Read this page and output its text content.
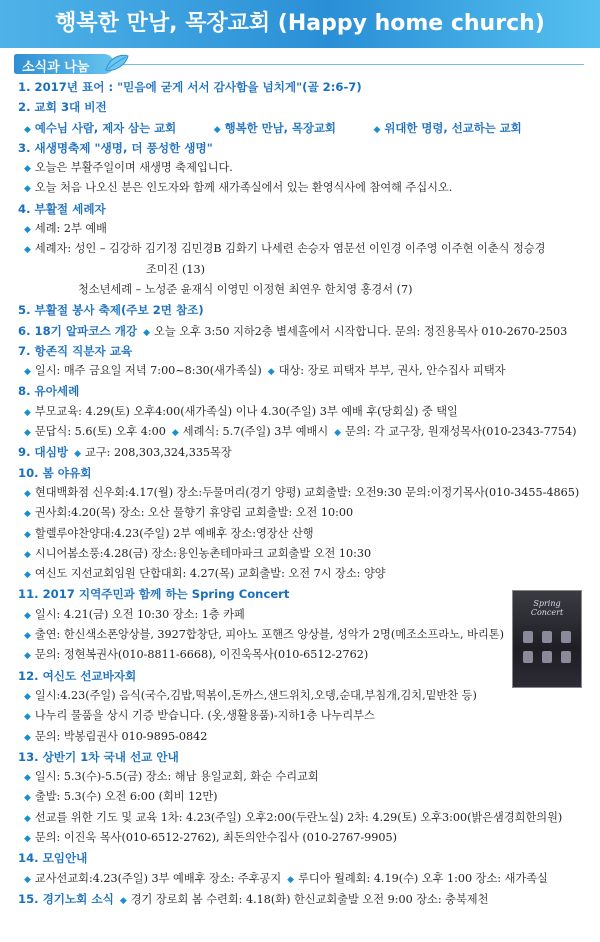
행복한 만남, 목장교회 (Happy home church)
소식과 나눔
1. 2017년 표어 : "믿음에 굳게 서서 감사함을 넘치게"(골 2:6-7)
2. 교회 3대 비전
◆ 예수님 사람, 제자 삼는 교회	◆ 행복한 만남, 목장교회	◆ 위대한 명령, 선교하는 교회
3. 새생명축제 "생명, 더 풍성한 생명"
◆ 오늘은 부활주일이며 새생명 축제입니다.
◆ 오늘 처음 나오신 분은 인도자와 함께 새가족실에서 있는 환영식사에 참여해 주십시오.
4. 부활절 세례자
◆ 세례: 2부 예배
◆ 세례자: 성인 – 김강하 김기정 김민경B 김화기 나세련 손승자 염문선 이인경 이주영 이주현 이춘식 정승경
조미진 (13)
청소년세례 – 노성준 윤재식 이영민 이정현 최연우 한치영 홍경서 (7)
5. 부활절 봉사 축제(주보 2면 참조)
6. 18기 알파코스 개강 ◆ 오늘 오후 3:50 지하2층 별세홀에서 시작합니다. 문의: 정진용목사 010-2670-2503
7. 항존직 직분자 교육
◆ 일시: 매주 금요일 저녁 7:00~8:30(새가족실) ◆ 대상: 장로 피택자 부부, 권사, 안수집사 피택자
8. 유아세례
◆ 부모교육: 4.29(토) 오후4:00(새가족실) 이나 4.30(주일) 3부 예배 후(당회실) 중 택일
◆ 문답식: 5.6(토) 오후 4:00 ◆ 세례식: 5.7(주일) 3부 예배시 ◆ 문의: 각 교구장, 원재성목사(010-2343-7754)
9. 대심방 ◆ 교구: 208,303,324,335목장
10. 봄 야유회
◆ 현대백화점 신우회:4.17(월) 장소:두물머리(경기 양평) 교회출발: 오전9:30 문의:이정기목사(010-3455-4865)
◆ 권사회:4.20(목) 장소: 오산 물향기 휴양림 교회출발: 오전 10:00
◆ 할렐루야찬양대:4.23(주일) 2부 예배후 장소:영장산 산행
◆ 시니어봄소풍:4.28(금) 장소:용인농촌테마파크 교회출발 오전 10:30
◆ 여신도 지선교회임원 단합대회: 4.27(목) 교회출발: 오전 7시 장소: 양양
11. 2017 지역주민과 함께 하는 Spring Concert
◆ 일시: 4.21(금) 오전 10:30 장소: 1층 카페
◆ 출연: 한신색소폰앙상블, 3927합창단, 피아노 포핸즈 앙상블, 성악가 2명(메조소프라노, 바리톤)
◆ 문의: 정현복권사(010-8811-6668), 이진욱목사(010-6512-2762)
12. 여신도 선교바자회
◆ 일시:4.23(주일) 음식(국수,김밥,떡볶이,돈까스,샌드위치,오뎅,순대,부침개,김치,밑반찬 등)
◆ 나누리 물품을 상시 기증 받습니다. (옷,생활용품)-지하1층 나누리부스
◆ 문의: 박봉림권사 010-9895-0842
13. 상반기 1차 국내 선교 안내
◆ 일시: 5.3(수)-5.5(금) 장소: 해남 용일교회, 화순 수리교회
◆ 출발: 5.3(수) 오전 6:00 (회비 12만)
◆ 선교를 위한 기도 및 교육 1차: 4.23(주일) 오후2:00(두란노실) 2차: 4.29(토) 오후3:00(밝은샘경희한의원)
◆ 문의: 이진욱 목사(010-6512-2762), 최돈의안수집사 (010-2767-9905)
14. 모임안내
◆ 교사선교회:4.23(주일) 3부 예배후 장소: 주후공지 ◆ 루디아 월례회: 4.19(수) 오후 1:00 장소: 새가족실
15. 경기노회 소식 ◆ 경기 장로회 봄 수련회: 4.18(화) 한신교회출발 오전 9:00 장소: 충북제천
Spring Concert
